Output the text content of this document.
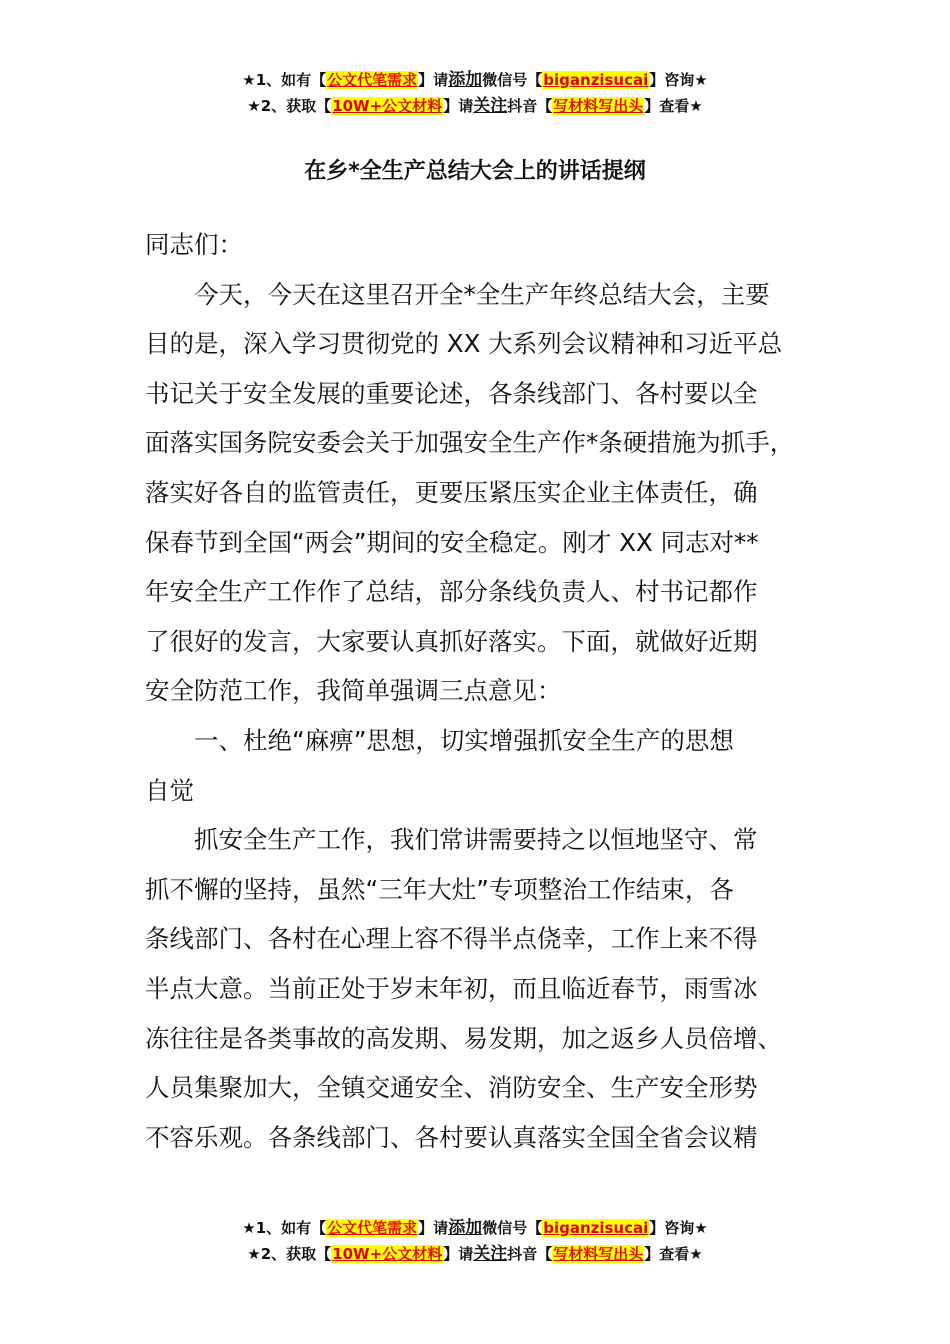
★1、如有【公文代笔需求】请添加微信号【biganzisucai】咨询★
★2、获取【10W+公文材料】请关注抖音【写材料写出头】查看★
在乡*全生产总结大会上的讲话提纲

同志们：

今天，今天在这里召开全*全生产年终总结大会，主要

目的是，深入学习贯彻党的 XX 大系列会议精神和习近平总

书记关于安全发展的重要论述，各条线部门、各村要以全

面落实国务院安委会关于加强安全生产作*条硬措施为抓手，

落实好各自的监管责任，更要压紧压实企业主体责任，确

保春节到全国“两会”期间的安全稳定。刚才 XX 同志对**

年安全生产工作作了总结，部分条线负责人、村书记都作

了很好的发言，大家要认真抓好落实。下面，就做好近期

安全防范工作，我简单强调三点意见：

一、杜绝“麻痹”思想，切实增强抓安全生产的思想

自觉

抓安全生产工作，我们常讲需要持之以恒地坚守、常

抓不懈的坚持，虽然“三年大灶”专项整治工作结束，各

条线部门、各村在心理上容不得半点侥幸，工作上来不得

半点大意。当前正处于岁末年初，而且临近春节，雨雪冰

冻往往是各类事故的高发期、易发期，加之返乡人员倍增、

人员集聚加大，全镇交通安全、消防安全、生产安全形势

不容乐观。各条线部门、各村要认真落实全国全省会议精

★1、如有【公文代笔需求】请添加微信号【biganzisucai】咨询★
★2、获取【10W+公文材料】请关注抖音【写材料写出头】查看★
